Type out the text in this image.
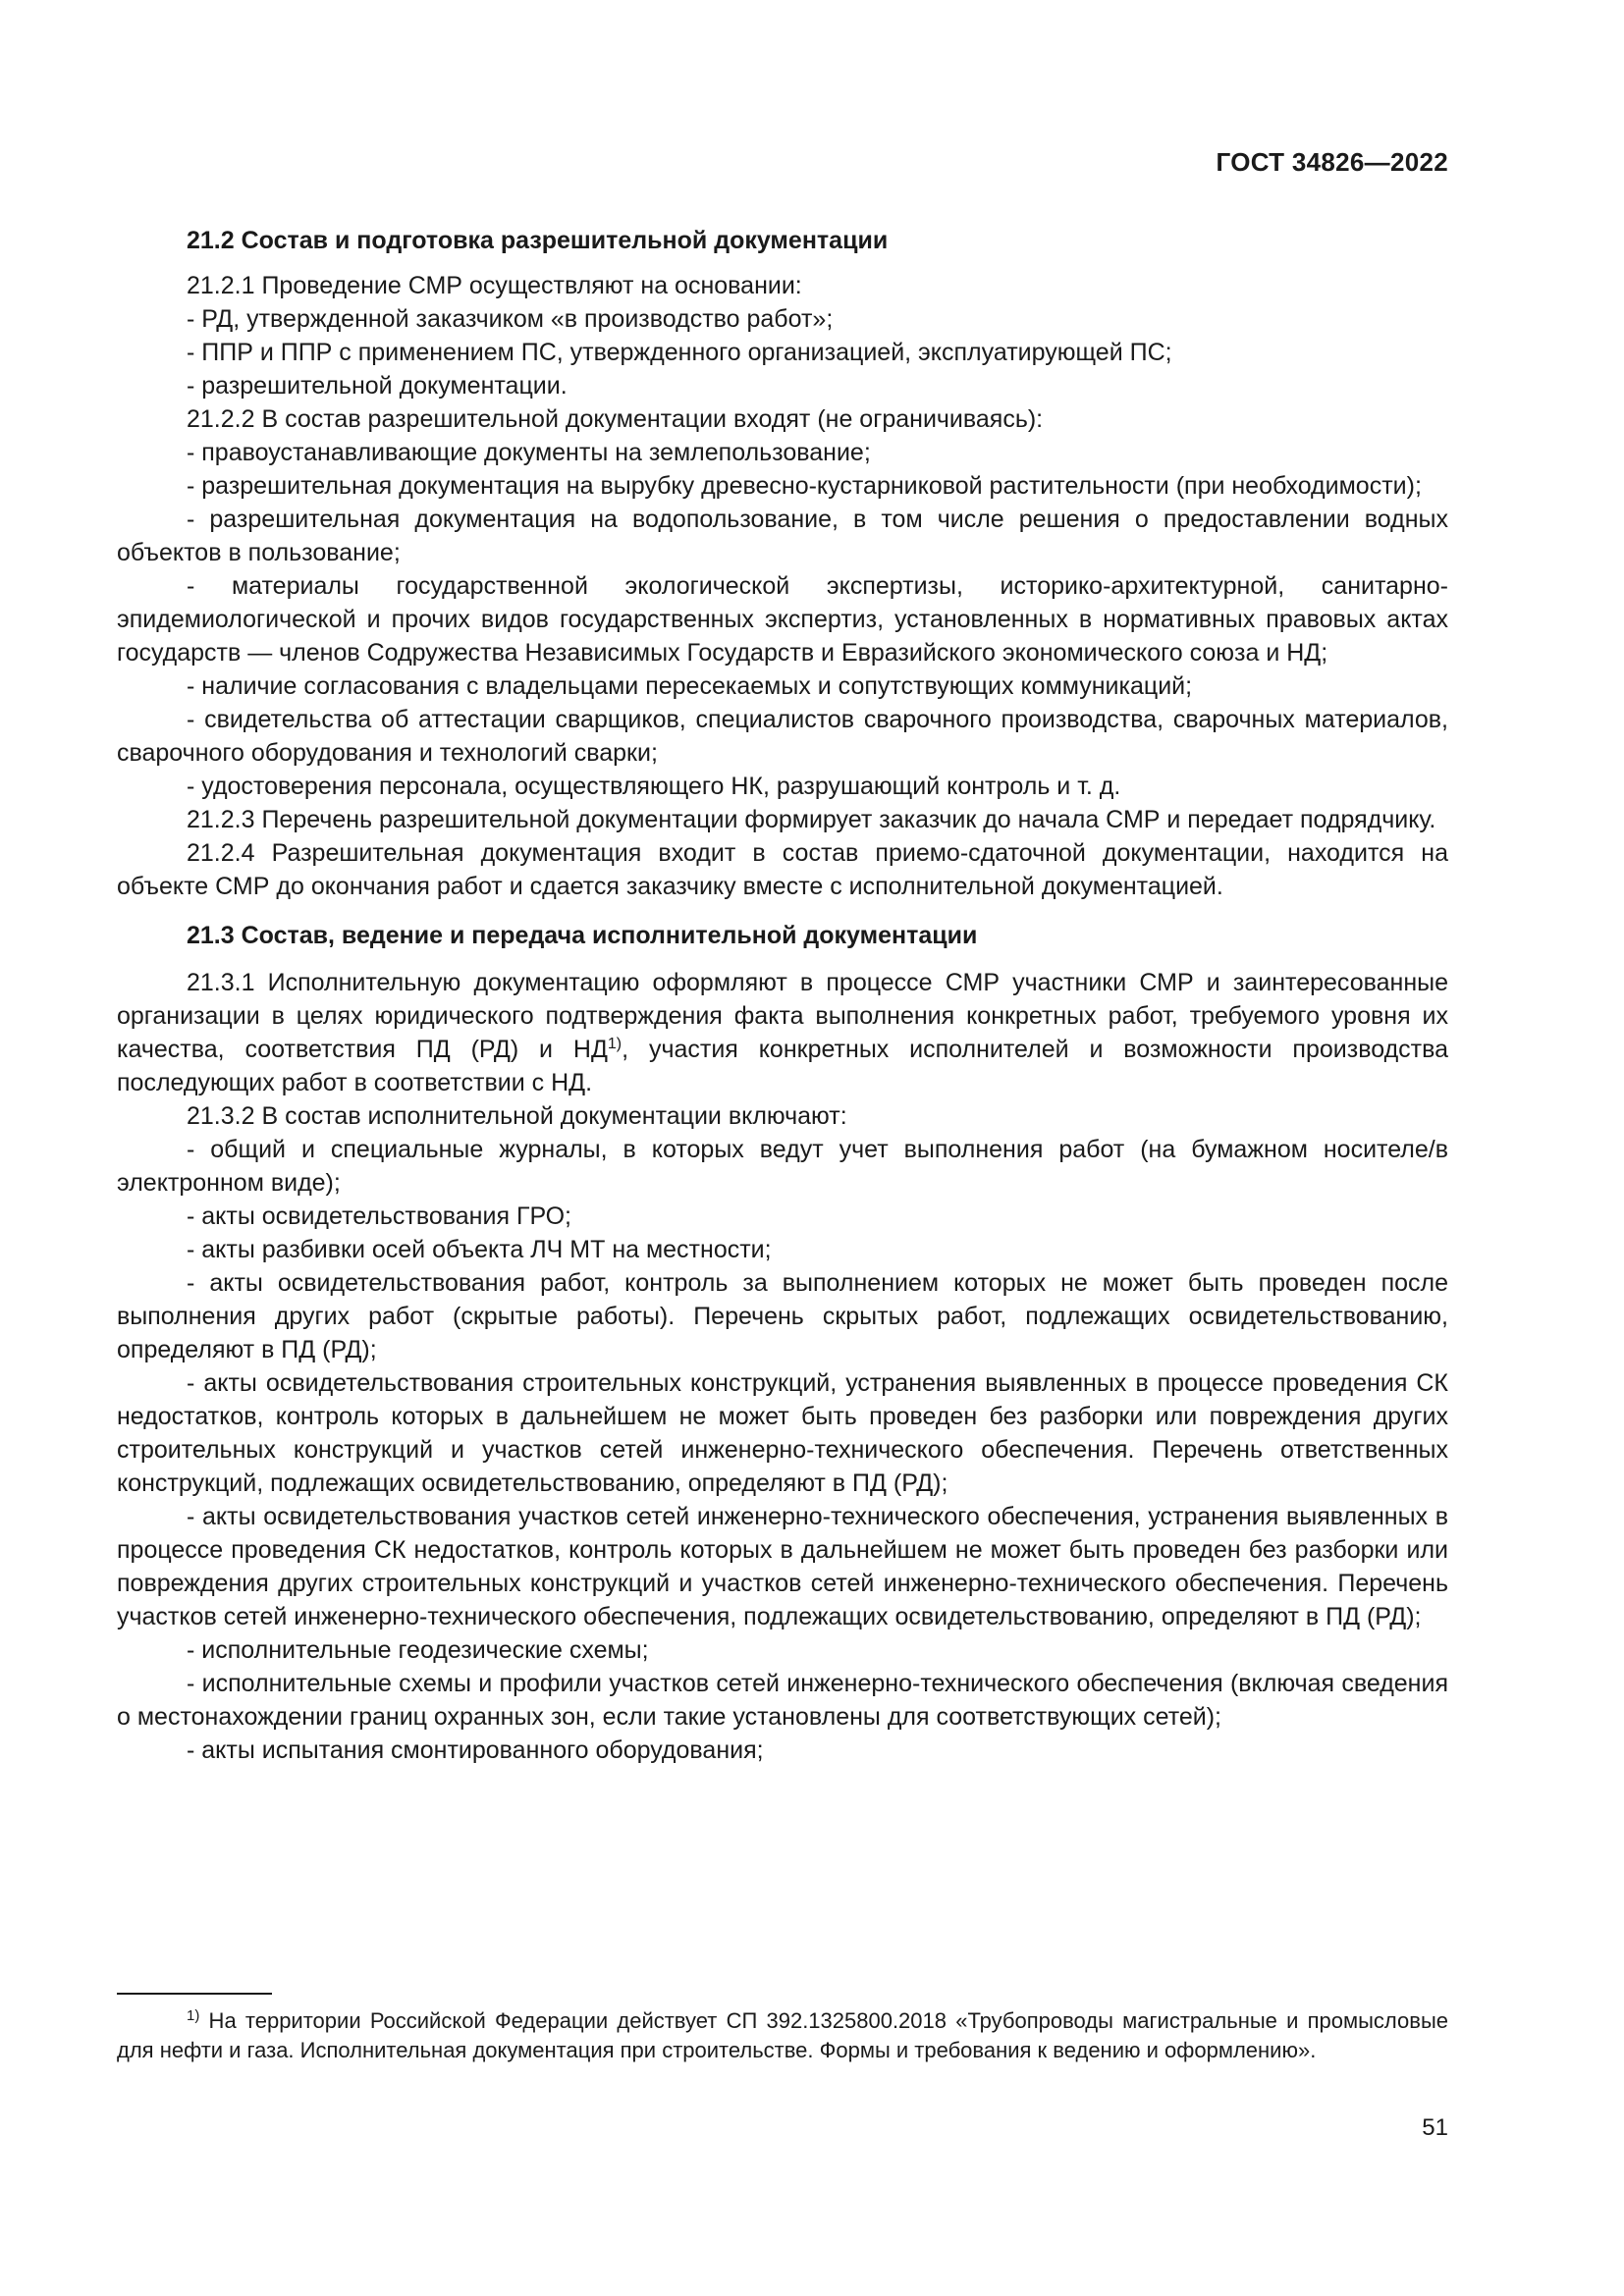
ГОСТ 34826—2022
21.2 Состав и подготовка разрешительной документации

21.2.1 Проведение СМР осуществляют на основании:

- РД, утвержденной заказчиком «в производство работ»;

- ППР и ППР с применением ПС, утвержденного организацией, эксплуатирующей ПС;

- разрешительной документации.

21.2.2 В состав разрешительной документации входят (не ограничиваясь):

- правоустанавливающие документы на землепользование;

- разрешительная документация на вырубку древесно-кустарниковой растительности (при необходимости);

- разрешительная документация на водопользование, в том числе решения о предоставлении водных объектов в пользование;

- материалы государственной экологической экспертизы, историко-архитектурной, санитарно-эпидемиологической и прочих видов государственных экспертиз, установленных в нормативных правовых актах государств — членов Содружества Независимых Государств и Евразийского экономического союза и НД;

- наличие согласования с владельцами пересекаемых и сопутствующих коммуникаций;

- свидетельства об аттестации сварщиков, специалистов сварочного производства, сварочных материалов, сварочного оборудования и технологий сварки;

- удостоверения персонала, осуществляющего НК, разрушающий контроль и т. д.

21.2.3 Перечень разрешительной документации формирует заказчик до начала СМР и передает подрядчику.

21.2.4 Разрешительная документация входит в состав приемо-сдаточной документации, находится на объекте СМР до окончания работ и сдается заказчику вместе с исполнительной документацией.

21.3 Состав, ведение и передача исполнительной документации

21.3.1 Исполнительную документацию оформляют в процессе СМР участники СМР и заинтересованные организации в целях юридического подтверждения факта выполнения конкретных работ, требуемого уровня их качества, соответствия ПД (РД) и НД$^{1)}$, участия конкретных исполнителей и возможности производства последующих работ в соответствии с НД.

21.3.2 В состав исполнительной документации включают:

- общий и специальные журналы, в которых ведут учет выполнения работ (на бумажном носителе/в электронном виде);

- акты освидетельствования ГРО;

- акты разбивки осей объекта ЛЧ МТ на местности;

- акты освидетельствования работ, контроль за выполнением которых не может быть проведен после выполнения других работ (скрытые работы). Перечень скрытых работ, подлежащих освидетельствованию, определяют в ПД (РД);

- акты освидетельствования строительных конструкций, устранения выявленных в процессе проведения СК недостатков, контроль которых в дальнейшем не может быть проведен без разборки или повреждения других строительных конструкций и участков сетей инженерно-технического обеспечения. Перечень ответственных конструкций, подлежащих освидетельствованию, определяют в ПД (РД);

- акты освидетельствования участков сетей инженерно-технического обеспечения, устранения выявленных в процессе проведения СК недостатков, контроль которых в дальнейшем не может быть проведен без разборки или повреждения других строительных конструкций и участков сетей инженерно-технического обеспечения. Перечень участков сетей инженерно-технического обеспечения, подлежащих освидетельствованию, определяют в ПД (РД);

- исполнительные геодезические схемы;

- исполнительные схемы и профили участков сетей инженерно-технического обеспечения (включая сведения о местонахождении границ охранных зон, если такие установлены для соответствующих сетей);

- акты испытания смонтированного оборудования;

$^{1)}$ На территории Российской Федерации действует СП 392.1325800.2018 «Трубопроводы магистральные и промысловые для нефти и газа. Исполнительная документация при строительстве. Формы и требования к ведению и оформлению».

51
